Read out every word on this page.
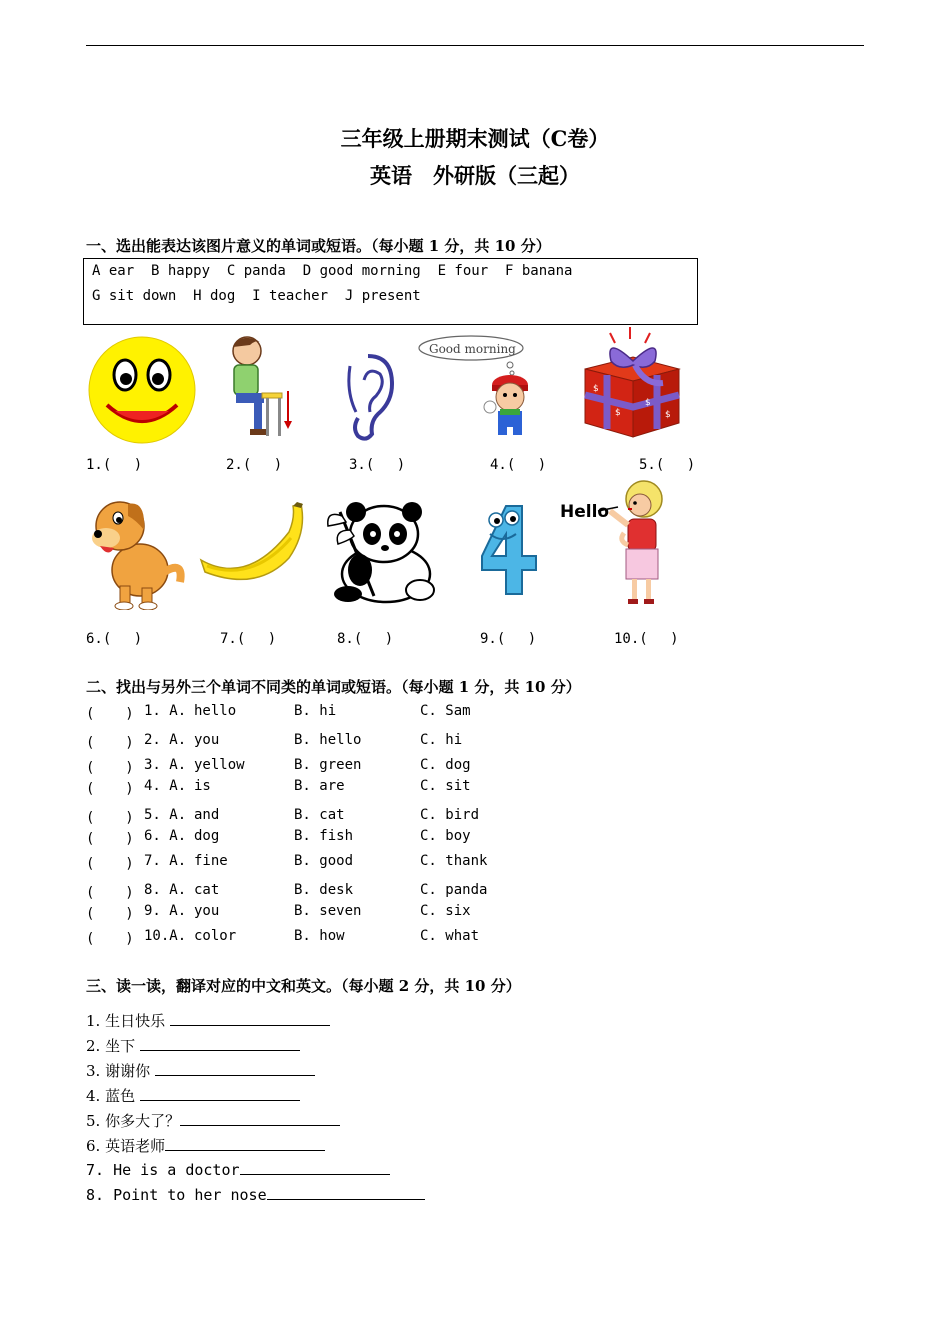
三年级上册期末测试（C卷）
英语　外研版（三起）
一、选出能表达该图片意义的单词或短语。（每小题 1 分，共 10 分）
A ear  B happy  C panda  D good morning  E four  F banana
G sit down  H dog  I teacher  J present
Good morning
$
$
$
$
1.(　 )	2.(　 )	3.(　 )	4.(　 )	5.(　 )
Hello
6.(　 )	7.(　 )	8.(　 )	9.(　 )	10.(　 )
二、找出与另外三个单词不同类的单词或短语。（每小题 1 分，共 10 分）
(　  ) 1. A. hello	B. hi	C. Sam
(　  ) 2. A. you	B. hello	C. hi
(　  ) 3. A. yellow	B. green	C. dog
(　  ) 4. A. is	B. are	C. sit
(　  ) 5. A. and	B. cat	C. bird
(　  ) 6. A. dog	B. fish	C. boy
(　  ) 7. A. fine	B. good	C. thank
(　  ) 8. A. cat	B. desk	C. panda
(　  ) 9. A. you	B. seven	C. six
(　  ) 10.A. color	B. how	C. what
三、读一读，翻译对应的中文和英文。（每小题 2 分，共 10 分）
1. 生日快乐
2. 坐下
3. 谢谢你
4. 蓝色
5. 你多大了？
6. 英语老师
7. He is a doctor
8. Point to her nose
